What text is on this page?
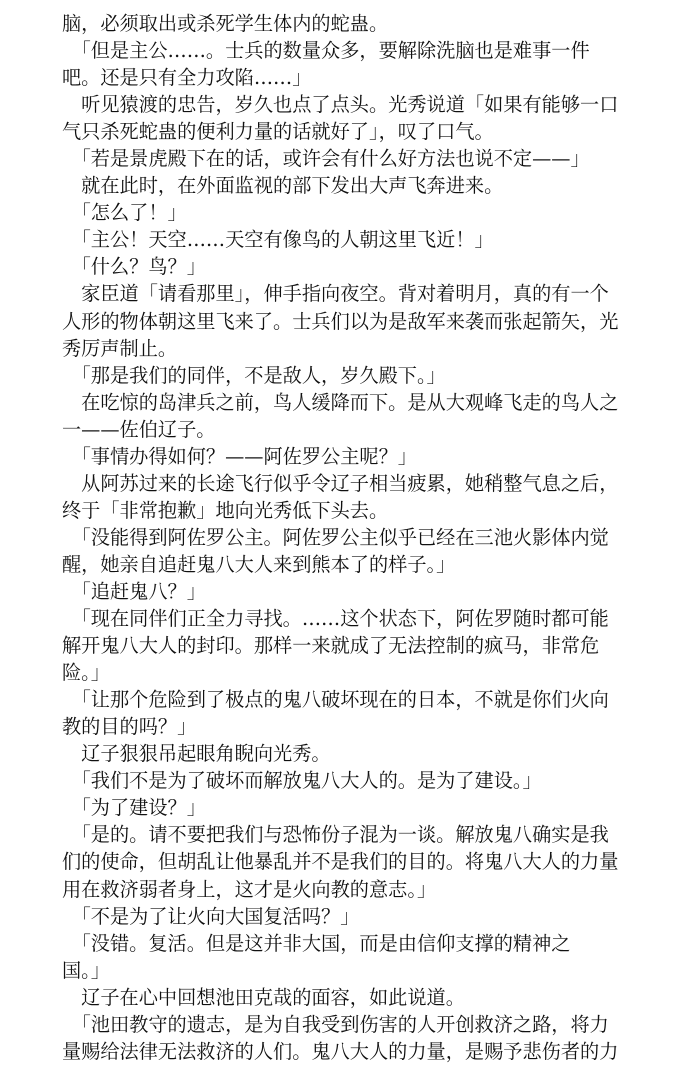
脑，必须取出或杀死学生体内的蛇蛊。
　「但是主公……。士兵的数量众多，要解除洗脑也是难事一件
吧。还是只有全力攻陷……」
　听见猿渡的忠告，岁久也点了点头。光秀说道「如果有能够一口
气只杀死蛇蛊的便利力量的话就好了」，叹了口气。
　「若是景虎殿下在的话，或许会有什么好方法也说不定——」
　就在此时，在外面监视的部下发出大声飞奔进来。
　「怎么了！」
　「主公！天空……天空有像鸟的人朝这里飞近！」
　「什么？鸟？」
　家臣道「请看那里」，伸手指向夜空。背对着明月，真的有一个
人形的物体朝这里飞来了。士兵们以为是敌军来袭而张起箭矢，光
秀厉声制止。
　「那是我们的同伴，不是敌人，岁久殿下。」
　在吃惊的岛津兵之前，鸟人缓降而下。是从大观峰飞走的鸟人之
一——佐伯辽子。
　「事情办得如何？——阿佐罗公主呢？」
　从阿苏过来的长途飞行似乎令辽子相当疲累，她稍整气息之后，
终于「非常抱歉」地向光秀低下头去。
　「没能得到阿佐罗公主。阿佐罗公主似乎已经在三池火影体内觉
醒，她亲自追赶鬼八大人来到熊本了的样子。」
　「追赶鬼八？」
　「现在同伴们正全力寻找。……这个状态下，阿佐罗随时都可能
解开鬼八大人的封印。那样一来就成了无法控制的疯马，非常危
险。」
　「让那个危险到了极点的鬼八破坏现在的日本，不就是你们火向
教的目的吗？」
　辽子狠狠吊起眼角睨向光秀。
　「我们不是为了破坏而解放鬼八大人的。是为了建设。」
　「为了建设？」
　「是的。请不要把我们与恐怖份子混为一谈。解放鬼八确实是我
们的使命，但胡乱让他暴乱并不是我们的目的。将鬼八大人的力量
用在救济弱者身上，这才是火向教的意志。」
　「不是为了让火向大国复活吗？」
　「没错。复活。但是这并非大国，而是由信仰支撑的精神之
国。」
　辽子在心中回想池田克哉的面容，如此说道。
　「池田教守的遗志，是为自我受到伤害的人开创救济之路，将力
量赐给法律无法救济的人们。鬼八大人的力量，是赐予悲伤者的力
